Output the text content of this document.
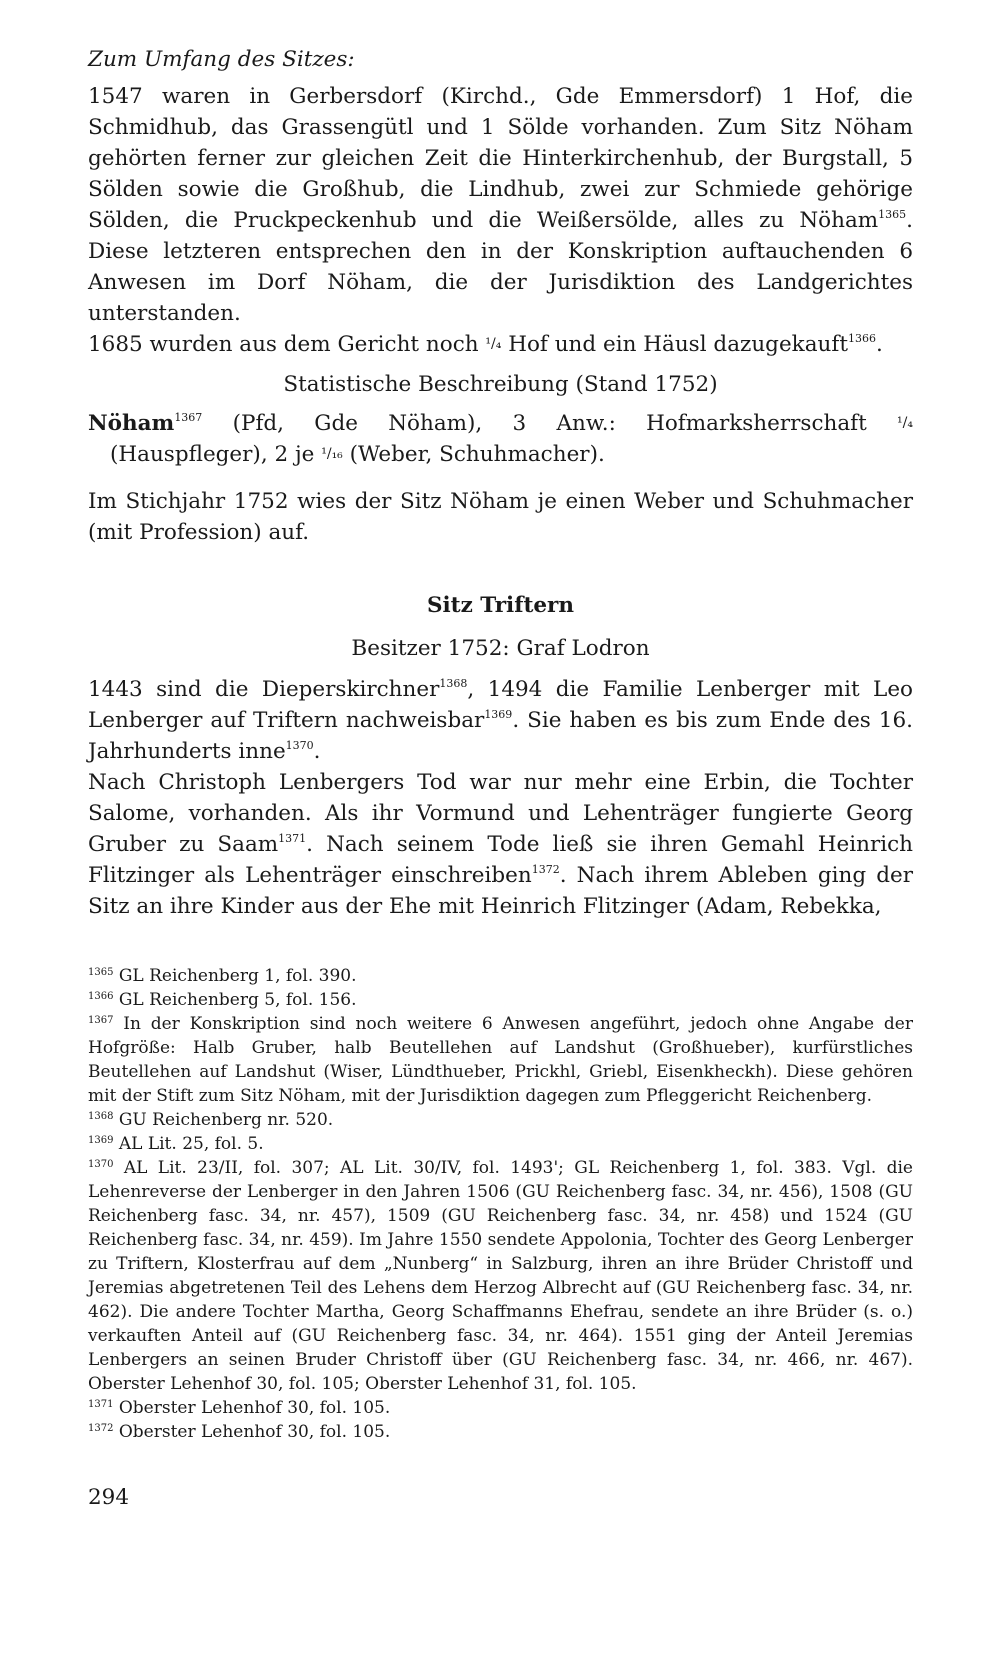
Zum Umfang des Sitzes:

1547 waren in Gerbersdorf (Kirchd., Gde Emmersdorf) 1 Hof, die Schmidhub, das Grassengütl und 1 Sölde vorhanden. Zum Sitz Nöham gehörten ferner zur gleichen Zeit die Hinterkirchenhub, der Burgstall, 5 Sölden sowie die Großhub, die Lindhub, zwei zur Schmiede gehörige Sölden, die Pruckpeckenhub und die Weißersölde, alles zu Nöham$^{1365}$. Diese letzteren entsprechen den in der Konskription auftauchenden 6 Anwesen im Dorf Nöham, die der Jurisdiktion des Landgerichtes unterstanden.

1685 wurden aus dem Gericht noch ¹/₄ Hof und ein Häusl dazugekauft$^{1366}$.

Statistische Beschreibung (Stand 1752)

Nöham$^{1367}$ (Pfd, Gde Nöham), 3 Anw.: Hofmarksherrschaft ¹/₄ (Hauspfleger), 2 je ¹/₁₆ (Weber, Schuhmacher).

Im Stichjahr 1752 wies der Sitz Nöham je einen Weber und Schuhmacher (mit Profession) auf.

Sitz Triftern

Besitzer 1752: Graf Lodron

1443 sind die Dieperskirchner$^{1368}$, 1494 die Familie Lenberger mit Leo Lenberger auf Triftern nachweisbar$^{1369}$. Sie haben es bis zum Ende des 16. Jahrhunderts inne$^{1370}$.

Nach Christoph Lenbergers Tod war nur mehr eine Erbin, die Tochter Salome, vorhanden. Als ihr Vormund und Lehenträger fungierte Georg Gruber zu Saam$^{1371}$. Nach seinem Tode ließ sie ihren Gemahl Heinrich Flitzinger als Lehenträger einschreiben$^{1372}$. Nach ihrem Ableben ging der Sitz an ihre Kinder aus der Ehe mit Heinrich Flitzinger (Adam, Rebekka,

$^{1365}$ GL Reichenberg 1, fol. 390.

$^{1366}$ GL Reichenberg 5, fol. 156.

$^{1367}$ In der Konskription sind noch weitere 6 Anwesen angeführt, jedoch ohne Angabe der Hofgröße: Halb Gruber, halb Beutellehen auf Landshut (Großhueber), kurfürstliches Beutellehen auf Landshut (Wiser, Lündthueber, Prickhl, Griebl, Eisenkheckh). Diese gehören mit der Stift zum Sitz Nöham, mit der Jurisdiktion dagegen zum Pfleggericht Reichenberg.

$^{1368}$ GU Reichenberg nr. 520.

$^{1369}$ AL Lit. 25, fol. 5.

$^{1370}$ AL Lit. 23/II, fol. 307; AL Lit. 30/IV, fol. 1493'; GL Reichenberg 1, fol. 383. Vgl. die Lehenreverse der Lenberger in den Jahren 1506 (GU Reichenberg fasc. 34, nr. 456), 1508 (GU Reichenberg fasc. 34, nr. 457), 1509 (GU Reichenberg fasc. 34, nr. 458) und 1524 (GU Reichenberg fasc. 34, nr. 459). Im Jahre 1550 sendete Appolonia, Tochter des Georg Lenberger zu Triftern, Klosterfrau auf dem „Nunberg“ in Salzburg, ihren an ihre Brüder Christoff und Jeremias abgetretenen Teil des Lehens dem Herzog Albrecht auf (GU Reichenberg fasc. 34, nr. 462). Die andere Tochter Martha, Georg Schaffmanns Ehefrau, sendete an ihre Brüder (s. o.) verkauften Anteil auf (GU Reichenberg fasc. 34, nr. 464). 1551 ging der Anteil Jeremias Lenbergers an seinen Bruder Christoff über (GU Reichenberg fasc. 34, nr. 466, nr. 467). Oberster Lehenhof 30, fol. 105; Oberster Lehenhof 31, fol. 105.

$^{1371}$ Oberster Lehenhof 30, fol. 105.

$^{1372}$ Oberster Lehenhof 30, fol. 105.

294
